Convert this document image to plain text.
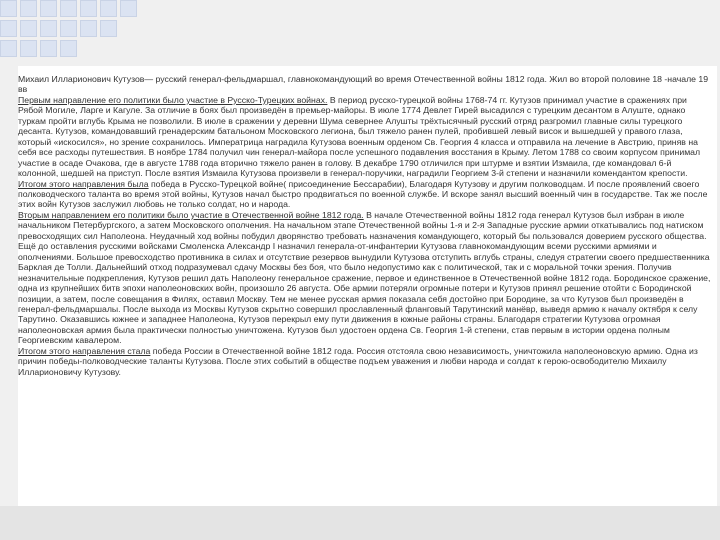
Михаил Илларионович Кутузов— русский генерал-фельдмаршал, главнокомандующий во время Отечественной войны 1812 года. Жил во второй половине 18 -начале 19 вв

Первым направление его политики было участие в Русско-Турецких войнах. В период русско-турецкой войны 1768-74 гг. Кутузов принимал участие в сражениях при Рябой Могиле, Ларге и Кагуле. За отличие в боях был произведён в премьер-майоры. В июле 1774 Девлет Гирей высадился с турецким десантом в Алуште, однако туркам пройти вглубь Крыма не позволили. В июле в сражении у деревни Шума севернее Алушты трёхтысячный русский отряд разгромил главные силы турецкого десанта. Кутузов, командовавший гренадерским батальоном Московского легиона, был тяжело ранен пулей, пробившей левый висок и вышедшей у правого глаза, который «искосился», но зрение сохранилось. Императрица наградила Кутузова военным орденом Св. Георгия 4 класса и отправила на лечение в Австрию, приняв на себя все расходы путешествия. В ноябре 1784 получил чин генерал-майора после успешного подавления восстания в Крыму. Летом 1788 со своим корпусом принимал участие в осаде Очакова, где в августе 1788 года вторично тяжело ранен в голову. В декабре 1790 отличился при штурме и взятии Измаила, где командовал 6-й колонной, шедшей на приступ. После взятия Измаила Кутузова произвели в генерал-поручики, наградили Георгием 3-й степени и назначили комендантом крепости.

Итогом этого направления была победа в Русско-Турецкой войне( присоединение Бессарабии), Благодаря Кутузову и другим полководцам. И после проявлений своего полководческого таланта во время этой войны, Кутузов начал быстро продвигаться по военной службе. И вскоре занял высший военный чин в государстве. Так же после этих войн Кутузов заслужил любовь не только солдат, но и народа.

Вторым направлением его политики было участие в Отечественной войне 1812 года. В начале Отечественной войны 1812 года генерал Кутузов был избран в июле начальником Петербургского, а затем Московского ополчения. На начальном этапе Отечественной войны 1-я и 2-я Западные русские армии откатывались под натиском превосходящих сил Наполеона. Неудачный ход войны побудил дворянство требовать назначения командующего, который бы пользовался доверием русского общества. Ещё до оставления русскими войсками Смоленска Александр I назначил генерала-от-инфантерии Кутузова главнокомандующим всеми русскими армиями и ополчениями. Большое превосходство противника в силах и отсутствие резервов вынудили Кутузова отступить вглубь страны, следуя стратегии своего предшественника Барклая де Толли. Дальнейший отход подразумевал сдачу Москвы без боя, что было недопустимо как с политической, так и с моральной точки зрения. Получив незначительные подкрепления, Кутузов решил дать Наполеону генеральное сражение, первое и единственное в Отечественной войне 1812 года. Бородинское сражение, одна из крупнейших битв эпохи наполеоновских войн, произошло 26 августа. Обе армии потеряли огромные потери и Кутузов принял решение отойти с Бородинской позиции, а затем, после совещания в Филях, оставил Москву. Тем не менее русская армия показала себя достойно при Бородине, за что Кутузов был произведён в генерал-фельдмаршалы. После выхода из Москвы Кутузов скрытно совершил прославленный фланговый Тарутинский манёвр, выведя армию к началу октября к селу Тарутино. Оказавшись южнее и западнее Наполеона, Кутузов перекрыл ему пути движения в южные районы страны. Благодаря стратегии Кутузова огромная наполеоновская армия была практически полностью уничтожена. Кутузов был удостоен ордена Св. Георгия 1-й степени, став первым в истории ордена полным Георгиевским кавалером.

Итогом этого направления стала победа России в Отечественной войне 1812 года. Россия отстояла свою независимость, уничтожила наполеоновскую армию. Одна из причин победы-полководческие таланты Кутузова. После этих событий в обществе подъем уважения и любви народа и солдат к герою-освободителю Михаилу Илларионовичу Кутузову.
